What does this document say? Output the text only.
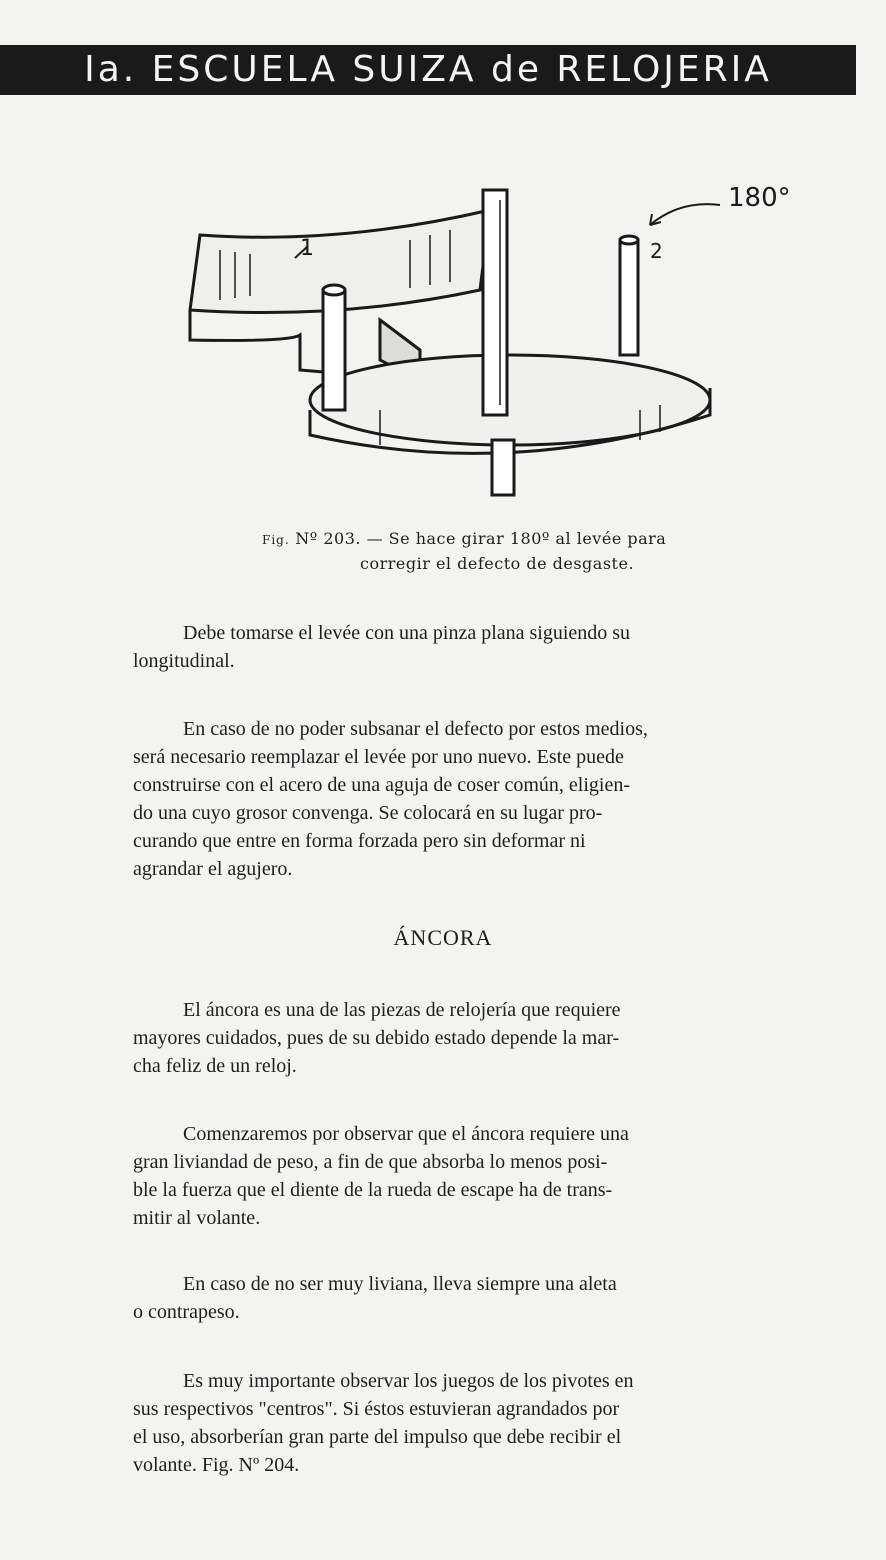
Ia. ESCUELA SUIZA de RELOJERIA
180°
1	2
Fig. Nº 203. — Se hace girar 180º al levée para
corregir el defecto de desgaste.
Debe tomarse el levée con una pinza plana siguiendo su
longitudinal.
En caso de no poder subsanar el defecto por estos medios,
será necesario reemplazar el levée por uno nuevo. Este puede
construirse con el acero de una aguja de coser común, eligien-
do una cuyo grosor convenga. Se colocará en su lugar pro-
curando que entre en forma forzada pero sin deformar ni
agrandar el agujero.
ÁNCORA
El áncora es una de las piezas de relojería que requiere
mayores cuidados, pues de su debido estado depende la mar-
cha feliz de un reloj.
Comenzaremos por observar que el áncora requiere una
gran liviandad de peso, a fin de que absorba lo menos posi-
ble la fuerza que el diente de la rueda de escape ha de trans-
mitir al volante.
En caso de no ser muy liviana, lleva siempre una aleta
o contrapeso.
Es muy importante observar los juegos de los pivotes en
sus respectivos "centros". Si éstos estuvieran agrandados por
el uso, absorberían gran parte del impulso que debe recibir el
volante. Fig. Nº 204.
